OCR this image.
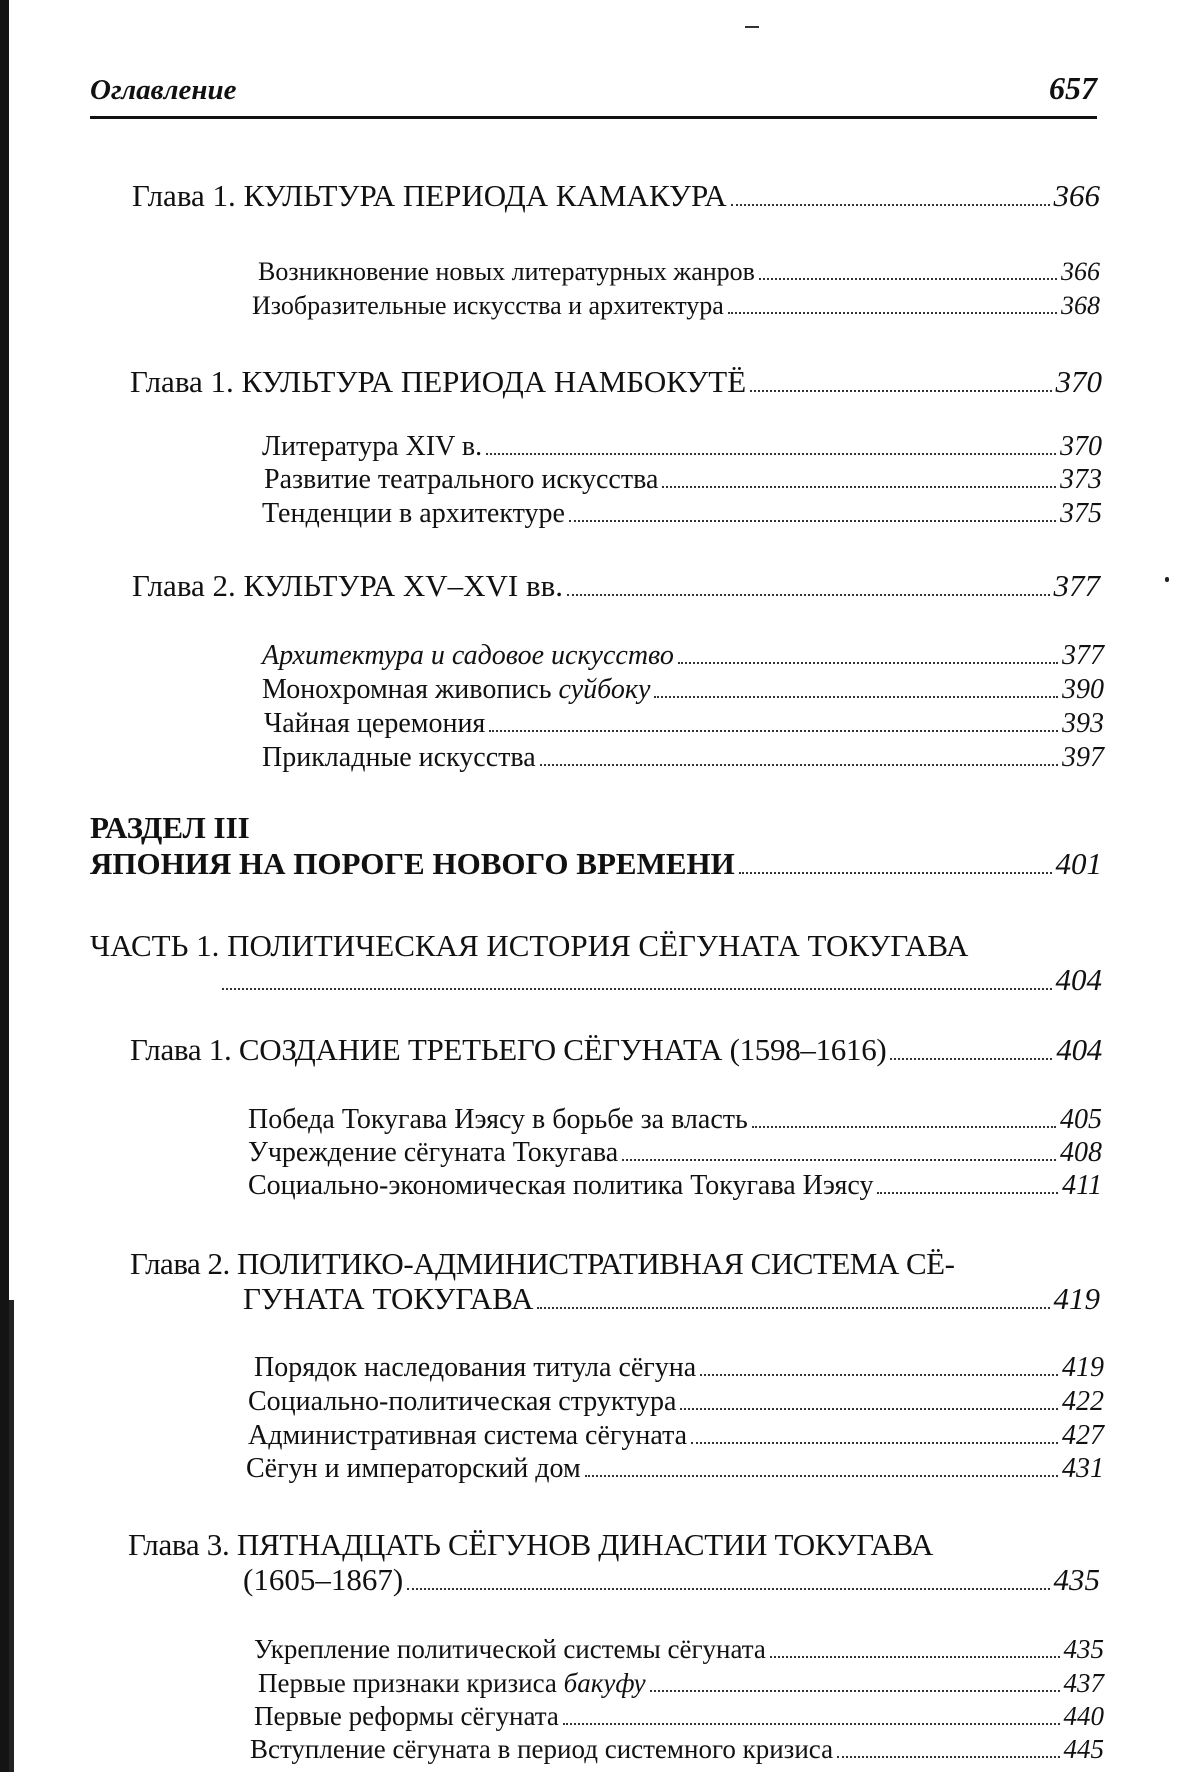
Оглавление	657
Глава 1. КУЛЬТУРА ПЕРИОДА КАМАКУРА	366
Возникновение новых литературных жанров	366
Изобразительные искусства и архитектура	368
Глава 1. КУЛЬТУРА ПЕРИОДА НАМБОКУТЁ	370
Литература XIV в.	370
Развитие театрального искусства	373
Тенденции в архитектуре	375
Глава 2. КУЛЬТУРА XV–XVI вв.	377
Архитектура и садовое искусство	377
Монохромная живопись суйбоку	390
Чайная церемония	393
Прикладные искусства	397
РАЗДЕЛ III
ЯПОНИЯ НА ПОРОГЕ НОВОГО ВРЕМЕНИ	401
ЧАСТЬ 1. ПОЛИТИЧЕСКАЯ ИСТОРИЯ СЁГУНАТА ТОКУГАВА
404
Глава 1. СОЗДАНИЕ ТРЕТЬЕГО СЁГУНАТА (1598–1616)	404
Победа Токугава Иэясу в борьбе за власть	405
Учреждение сёгуната Токугава	408
Социально-экономическая политика Токугава Иэясу	411
Глава 2. ПОЛИТИКО-АДМИНИСТРАТИВНАЯ СИСТЕМА СЁ-
ГУНАТА ТОКУГАВА	419
Порядок наследования титула сёгуна	419
Социально-политическая структура	422
Административная система сёгуната	427
Сёгун и императорский дом	431
Глава 3. ПЯТНАДЦАТЬ СЁГУНОВ ДИНАСТИИ ТОКУГАВА
(1605–1867)	435
Укрепление политической системы сёгуната	435
Первые признаки кризиса бакуфу	437
Первые реформы сёгуната	440
Вступление сёгуната в период системного кризиса	445
